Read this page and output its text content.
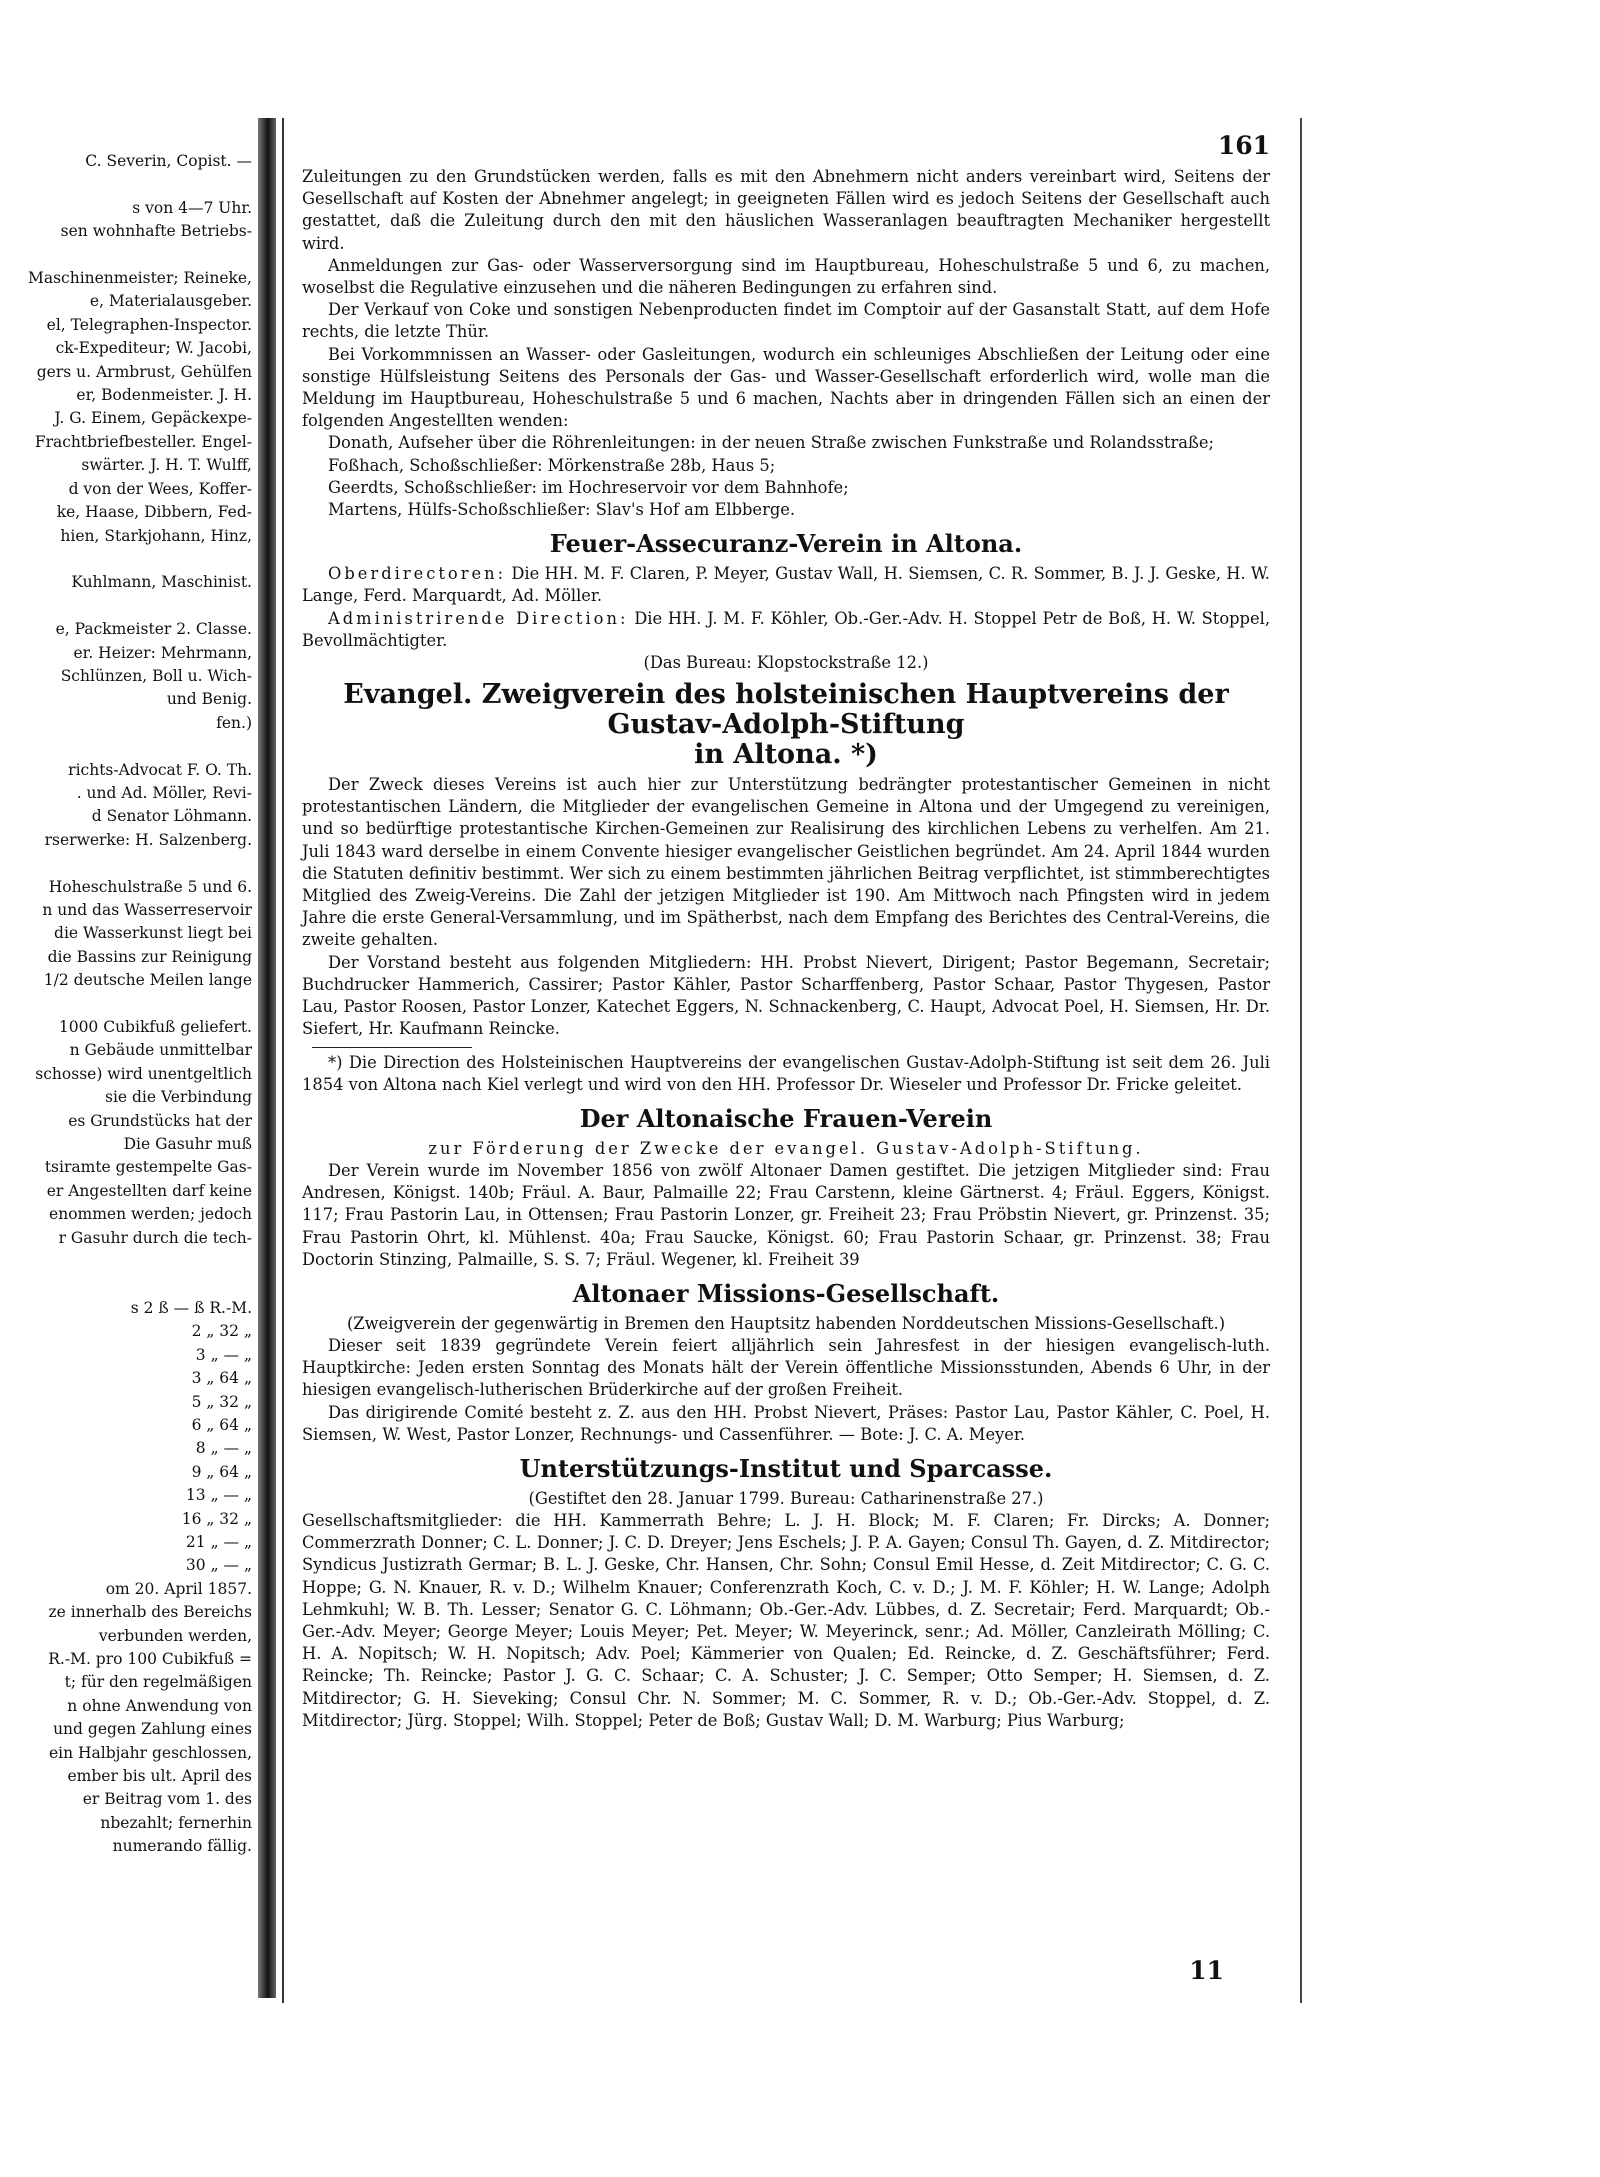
C. Severin, Copist. —

s von 4—7 Uhr.
sen wohnhafte Betriebs-

Maschinenmeister; Reineke,
e, Materialausgeber.
el, Telegraphen-Inspector.
ck-Expediteur; W. Jacobi,
gers u. Armbrust, Gehülfen
er, Bodenmeister. J. H.
J. G. Einem, Gepäckexpe-
Frachtbriefbesteller. Engel-
swärter. J. H. T. Wulff,
d von der Wees, Koffer-
ke, Haase, Dibbern, Fed-
hien, Starkjohann, Hinz,

Kuhlmann, Maschinist.

e, Packmeister 2. Classe.
er. Heizer: Mehrmann,
Schlünzen, Boll u. Wich-
und Benig.
fen.)

richts-Advocat F. O. Th.
. und Ad. Möller, Revi-
d Senator Löhmann.
rserwerke: H. Salzenberg.

Hoheschulstraße 5 und 6.
n und das Wasserreservoir
die Wasserkunst liegt bei
die Bassins zur Reinigung
1/2 deutsche Meilen lange

1000 Cubikfuß geliefert.
n Gebäude unmittelbar
schosse) wird unentgeltlich
sie die Verbindung
es Grundstücks hat der
Die Gasuhr muß
tsiramte gestempelte Gas-
er Angestellten darf keine
enommen werden; jedoch
r Gasuhr durch die tech-

s 2 ß — ß R.-M.
2 „ 32 „
3 „ — „
3 „ 64 „
5 „ 32 „
6 „ 64 „
8 „ — „
9 „ 64 „
13 „ — „
16 „ 32 „
21 „ — „
30 „ — „
om 20. April 1857.
ze innerhalb des Bereichs
verbunden werden,
R.-M. pro 100 Cubikfuß =
t; für den regelmäßigen
n ohne Anwendung von
und gegen Zahlung eines
ein Halbjahr geschlossen,
ember bis ult. April des
er Beitrag vom 1. des
nbezahlt; fernerhin
numerando fällig.
161

Zuleitungen zu den Grundstücken werden, falls es mit den Abnehmern nicht anders vereinbart wird, Seitens der Gesellschaft auf Kosten der Abnehmer angelegt; in geeigneten Fällen wird es jedoch Seitens der Gesellschaft auch gestattet, daß die Zuleitung durch den mit den häuslichen Wasseranlagen beauftragten Mechaniker hergestellt wird.

Anmeldungen zur Gas- oder Wasserversorgung sind im Hauptbureau, Hoheschulstraße 5 und 6, zu machen, woselbst die Regulative einzusehen und die näheren Bedingungen zu erfahren sind.

Der Verkauf von Coke und sonstigen Nebenproducten findet im Comptoir auf der Gasanstalt Statt, auf dem Hofe rechts, die letzte Thür.

Bei Vorkommnissen an Wasser- oder Gasleitungen, wodurch ein schleuniges Abschließen der Leitung oder eine sonstige Hülfsleistung Seitens des Personals der Gas- und Wasser-Gesellschaft erforderlich wird, wolle man die Meldung im Hauptbureau, Hoheschulstraße 5 und 6 machen, Nachts aber in dringenden Fällen sich an einen der folgenden Angestellten wenden:

Donath, Aufseher über die Röhrenleitungen: in der neuen Straße zwischen Funkstraße und Rolandsstraße;

Foßhach, Schoßschließer: Mörkenstraße 28b, Haus 5;

Geerdts, Schoßschließer: im Hochreservoir vor dem Bahnhofe;

Martens, Hülfs-Schoßschließer: Slav's Hof am Elbberge.

Feuer-Assecuranz-Verein in Altona.

Oberdirectoren: Die HH. M. F. Claren, P. Meyer, Gustav Wall, H. Siemsen, C. R. Sommer, B. J. J. Geske, H. W. Lange, Ferd. Marquardt, Ad. Möller.

Administrirende Direction: Die HH. J. M. F. Köhler, Ob.-Ger.-Adv. H. Stoppel Petr de Boß, H. W. Stoppel, Bevollmächtigter.

(Das Bureau: Klopstockstraße 12.)

Evangel. Zweigverein des holsteinischen Hauptvereins der Gustav-Adolph-Stiftung
in Altona. *)

Der Zweck dieses Vereins ist auch hier zur Unterstützung bedrängter protestantischer Gemeinen in nicht protestantischen Ländern, die Mitglieder der evangelischen Gemeine in Altona und der Umgegend zu vereinigen, und so bedürftige protestantische Kirchen-Gemeinen zur Realisirung des kirchlichen Lebens zu verhelfen. Am 21. Juli 1843 ward derselbe in einem Convente hiesiger evangelischer Geistlichen begründet. Am 24. April 1844 wurden die Statuten definitiv bestimmt. Wer sich zu einem bestimmten jährlichen Beitrag verpflichtet, ist stimmberechtigtes Mitglied des Zweig-Vereins. Die Zahl der jetzigen Mitglieder ist 190. Am Mittwoch nach Pfingsten wird in jedem Jahre die erste General-Versammlung, und im Spätherbst, nach dem Empfang des Berichtes des Central-Vereins, die zweite gehalten.

Der Vorstand besteht aus folgenden Mitgliedern: HH. Probst Nievert, Dirigent; Pastor Begemann, Secretair; Buchdrucker Hammerich, Cassirer; Pastor Kähler, Pastor Scharffenberg, Pastor Schaar, Pastor Thygesen, Pastor Lau, Pastor Roosen, Pastor Lonzer, Katechet Eggers, N. Schnackenberg, C. Haupt, Advocat Poel, H. Siemsen, Hr. Dr. Siefert, Hr. Kaufmann Reincke.

*) Die Direction des Holsteinischen Hauptvereins der evangelischen Gustav-Adolph-Stiftung ist seit dem 26. Juli 1854 von Altona nach Kiel verlegt und wird von den HH. Professor Dr. Wieseler und Professor Dr. Fricke geleitet.

Der Altonaische Frauen-Verein

zur Förderung der Zwecke der evangel. Gustav-Adolph-Stiftung.

Der Verein wurde im November 1856 von zwölf Altonaer Damen gestiftet. Die jetzigen Mitglieder sind: Frau Andresen, Königst. 140b; Fräul. A. Baur, Palmaille 22; Frau Carstenn, kleine Gärtnerst. 4; Fräul. Eggers, Königst. 117; Frau Pastorin Lau, in Ottensen; Frau Pastorin Lonzer, gr. Freiheit 23; Frau Pröbstin Nievert, gr. Prinzenst. 35; Frau Pastorin Ohrt, kl. Mühlenst. 40a; Frau Saucke, Königst. 60; Frau Pastorin Schaar, gr. Prinzenst. 38; Frau Doctorin Stinzing, Palmaille, S. S. 7; Fräul. Wegener, kl. Freiheit 39

Altonaer Missions-Gesellschaft.

(Zweigverein der gegenwärtig in Bremen den Hauptsitz habenden Norddeutschen Missions-Gesellschaft.)

Dieser seit 1839 gegründete Verein feiert alljährlich sein Jahresfest in der hiesigen evangelisch-luth. Hauptkirche: Jeden ersten Sonntag des Monats hält der Verein öffentliche Missionsstunden, Abends 6 Uhr, in der hiesigen evangelisch-lutherischen Brüderkirche auf der großen Freiheit.

Das dirigirende Comité besteht z. Z. aus den HH. Probst Nievert, Präses: Pastor Lau, Pastor Kähler, C. Poel, H. Siemsen, W. West, Pastor Lonzer, Rechnungs- und Cassenführer. — Bote: J. C. A. Meyer.

Unterstützungs-Institut und Sparcasse.

(Gestiftet den 28. Januar 1799. Bureau: Catharinenstraße 27.)

Gesellschaftsmitglieder: die HH. Kammerrath Behre; L. J. H. Block; M. F. Claren; Fr. Dircks; A. Donner; Commerzrath Donner; C. L. Donner; J. C. D. Dreyer; Jens Eschels; J. P. A. Gayen; Consul Th. Gayen, d. Z. Mitdirector; Syndicus Justizrath Germar; B. L. J. Geske, Chr. Hansen, Chr. Sohn; Consul Emil Hesse, d. Zeit Mitdirector; C. G. C. Hoppe; G. N. Knauer, R. v. D.; Wilhelm Knauer; Conferenzrath Koch, C. v. D.; J. M. F. Köhler; H. W. Lange; Adolph Lehmkuhl; W. B. Th. Lesser; Senator G. C. Löhmann; Ob.-Ger.-Adv. Lübbes, d. Z. Secretair; Ferd. Marquardt; Ob.-Ger.-Adv. Meyer; George Meyer; Louis Meyer; Pet. Meyer; W. Meyerinck, senr.; Ad. Möller, Canzleirath Mölling; C. H. A. Nopitsch; W. H. Nopitsch; Adv. Poel; Kämmerier von Qualen; Ed. Reincke, d. Z. Geschäftsführer; Ferd. Reincke; Th. Reincke; Pastor J. G. C. Schaar; C. A. Schuster; J. C. Semper; Otto Semper; H. Siemsen, d. Z. Mitdirector; G. H. Sieveking; Consul Chr. N. Sommer; M. C. Sommer, R. v. D.; Ob.-Ger.-Adv. Stoppel, d. Z. Mitdirector; Jürg. Stoppel; Wilh. Stoppel; Peter de Boß; Gustav Wall; D. M. Warburg; Pius Warburg;

11
